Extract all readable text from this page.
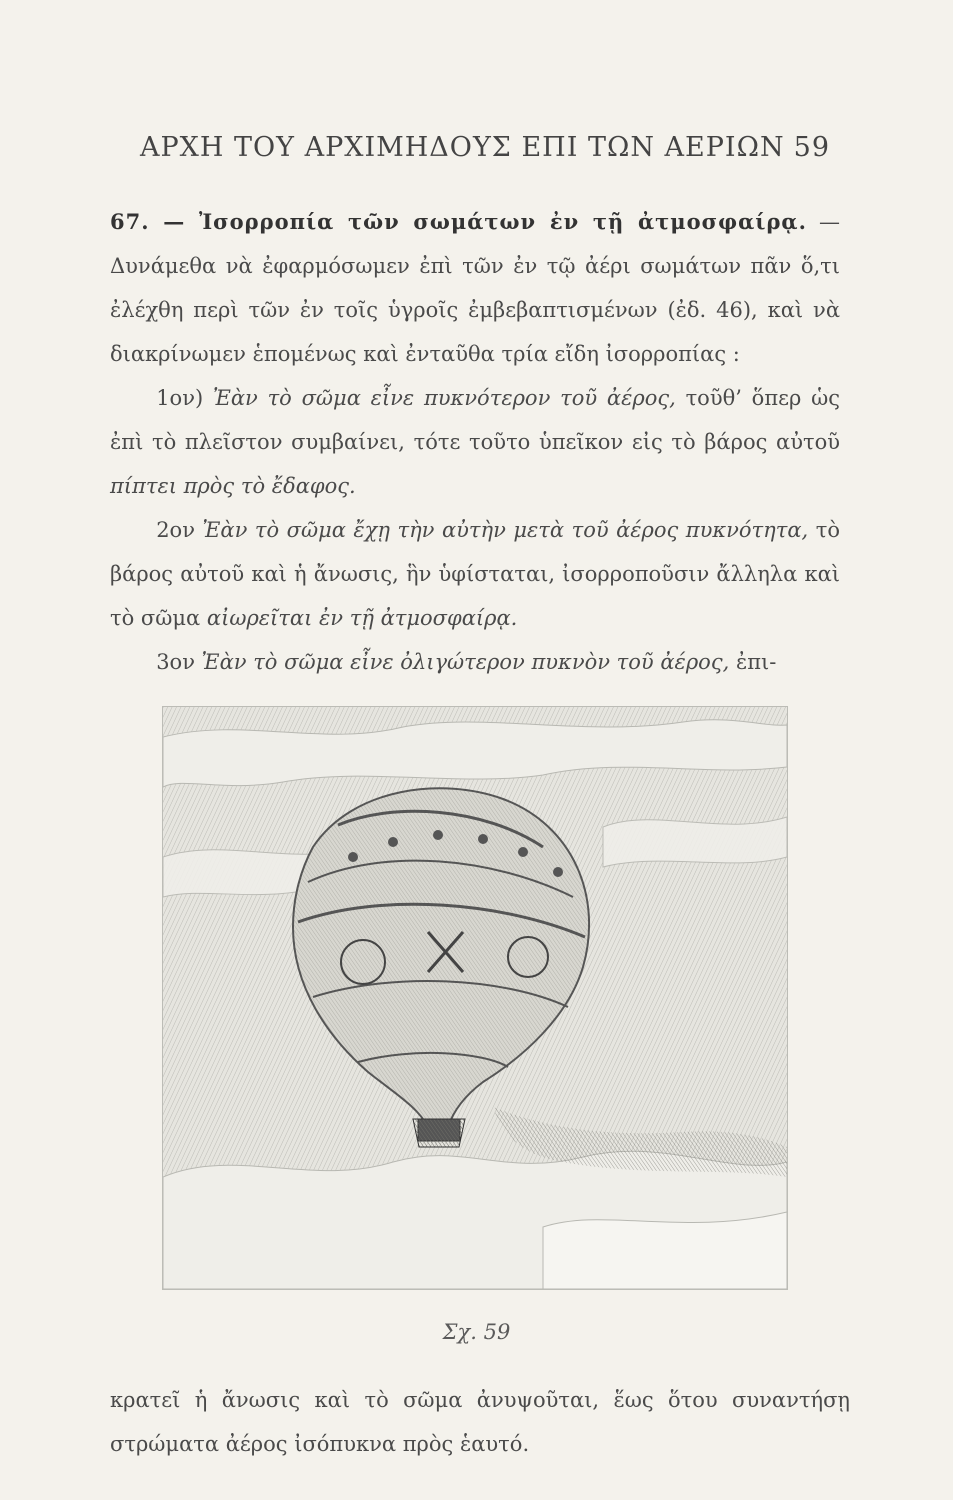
ΑΡΧΗ ΤΟΥ ΑΡΧΙΜΗΔΟΥΣ ΕΠΙ ΤΩΝ ΑΕΡΙΩΝ 59

67. — Ἰσορροπία τῶν σωμάτων ἐν τῇ ἀτμοσφαίρᾳ. — Δυνάμεθα νὰ ἐφαρμόσωμεν ἐπὶ τῶν ἐν τῷ ἀέρι σωμάτων πᾶν ὅ,τι ἐλέχθη περὶ τῶν ἐν τοῖς ὑγροῖς ἐμβεβαπτισμένων (ἐδ. 46), καὶ νὰ διακρίνωμεν ἑπομένως καὶ ἐνταῦθα τρία εἴδη ἰσορροπίας :

1ον) Ἐὰν τὸ σῶμα εἶνε πυκνότερον τοῦ ἀέρος, τοῦθ’ ὅπερ ὡς ἐπὶ τὸ πλεῖστον συμβαίνει, τότε τοῦτο ὑπεῖκον εἰς τὸ βάρος αὐτοῦ πίπτει πρὸς τὸ ἔδαφος.

2ον Ἐὰν τὸ σῶμα ἔχῃ τὴν αὐτὴν μετὰ τοῦ ἀέρος πυκνότητα, τὸ βάρος αὐτοῦ καὶ ἡ ἄνωσις, ἣν ὑφίσταται, ἰσορροποῦσιν ἄλληλα καὶ τὸ σῶμα αἰωρεῖται ἐν τῇ ἀτμοσφαίρᾳ.

3ον Ἐὰν τὸ σῶμα εἶνε ὀλιγώτερον πυκνὸν τοῦ ἀέρος, ἐπι-

Σχ. 59

κρατεῖ ἡ ἄνωσις καὶ τὸ σῶμα ἀνυψοῦται, ἕως ὅτου συναντήσῃ στρώματα ἀέρος ἰσόπυκνα πρὸς ἑαυτό.
